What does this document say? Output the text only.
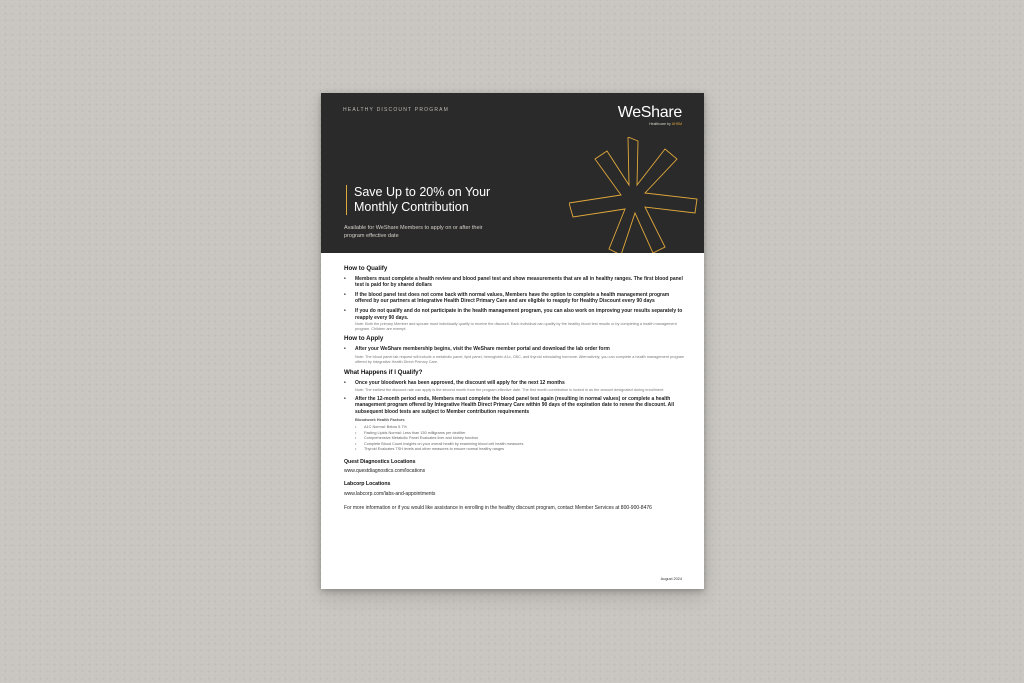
HEALTHY DISCOUNT PROGRAM	WeShare
Healthcare by UHSM
Save Up to 20% on Your
Monthly Contribution
Available for WeShare Members to apply on or after their program effective date
How to Qualify
• Members must complete a health review and blood panel test and show measurements that are all in healthy ranges. The first blood panel test is paid for by shared dollars
• If the blood panel test does not come back with normal values, Members have the option to complete a health management program offered by our partners at Integrative Health Direct Primary Care and are eligible to reapply for Healthy Discount every 90 days
• If you do not qualify and do not participate in the health management program, you can also work on improving your results separately to reapply every 90 days.
Note: Both the primary Member and spouse must individually qualify to receive the discount. Each individual can qualify by the healthy blood test results or by completing a health management program. Children are exempt.
How to Apply
• After your WeShare membership begins, visit the WeShare member portal and download the lab order form
Note: The blood panel lab request will include a metabolic panel, lipid panel, hemoglobin A1c, CBC, and thyroid stimulating hormone. Alternatively, you can complete a health management program offered by Integrative Health Direct Primary Care.
What Happens if I Qualify?
• Once your bloodwork has been approved, the discount will apply for the next 12 months
Note: The earliest the discount rate can apply is the second month from the program effective date. The first month contribution is locked in as the amount designated during enrollment.
• After the 12-month period ends, Members must complete the blood panel test again (resulting in normal values) or complete a health management program offered by Integrative Health Direct Primary Care within 90 days of the expiration date to renew the discount. All subsequent blood tests are subject to Member contribution requirements
Bloodwork Health Factors
• A1C Normal: Below 5.7%
• Fasting Lipids Normal: Less than 150 milligrams per deciliter
• Comprehensive Metabolic Panel Evaluates liver and kidney function
• Complete Blood Count Insights on your overall health by examining blood cell health measures
• Thyroid Evaluates TSH levels and other measures to ensure normal healthy ranges
Quest Diagnostics Locations
www.questdiagnostics.com/locations
Labcorp Locations
www.labcorp.com/labs-and-appointments
For more information or if you would like assistance in enrolling in the healthy discount program, contact Member Services at 800-900-8476
August 2024
